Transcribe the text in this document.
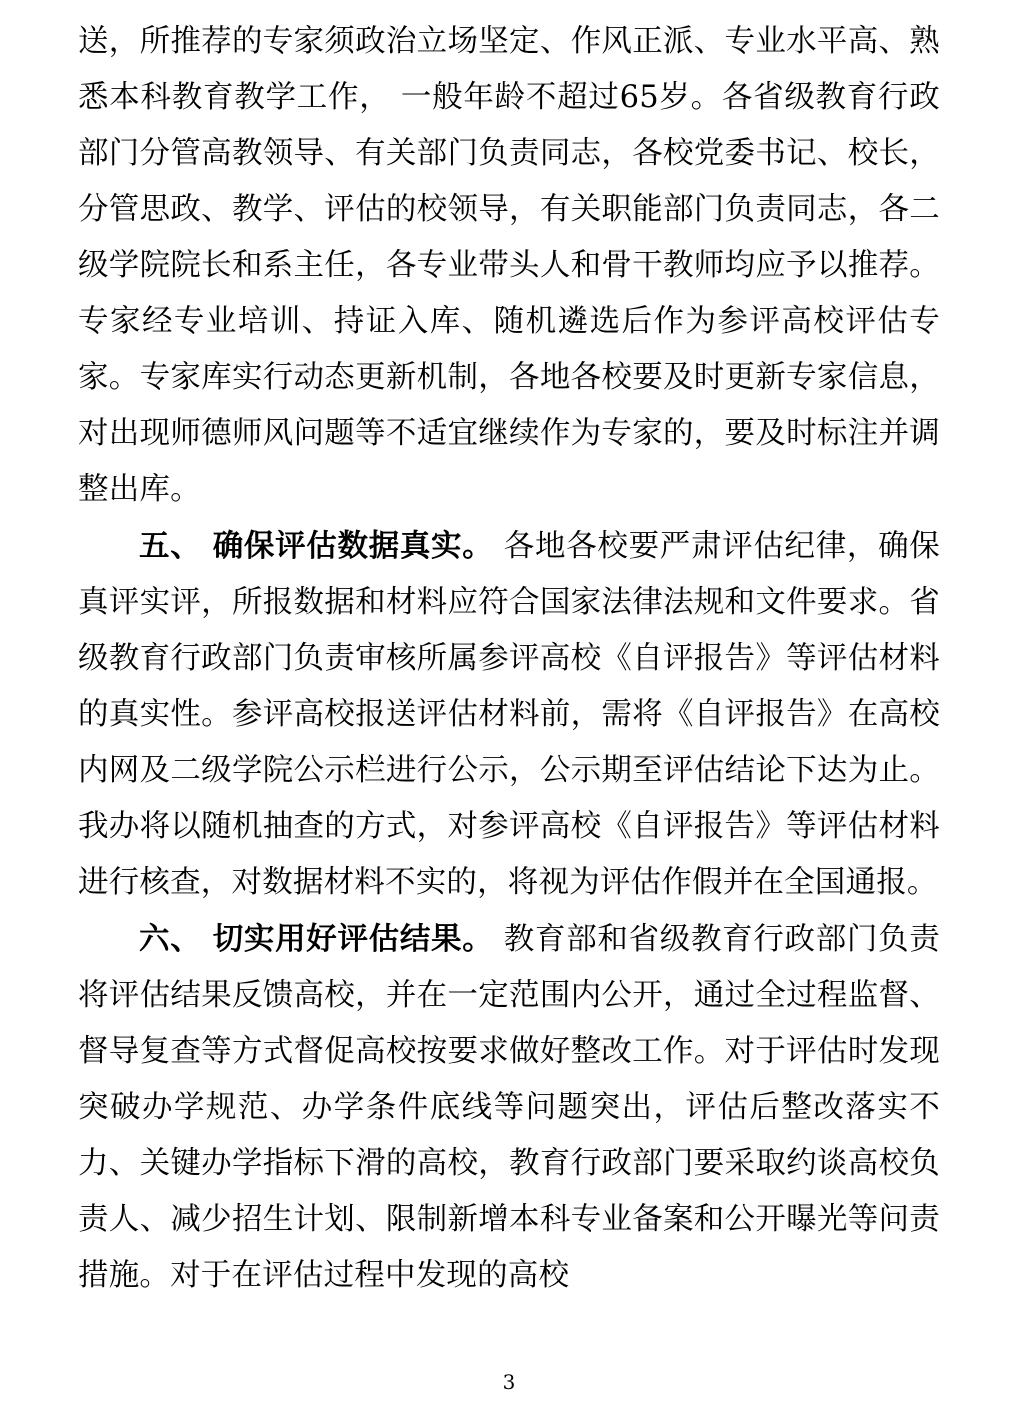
送，所推荐的专家须政治立场坚定、作风正派、专业水平高、熟悉本科教育教学工作， 一般年龄不超过65岁。各省级教育行政部门分管高教领导、有关部门负责同志，各校党委书记、校长，分管思政、教学、评估的校领导，有关职能部门负责同志，各二级学院院长和系主任，各专业带头人和骨干教师均应予以推荐。专家经专业培训、持证入库、随机遴选后作为参评高校评估专家。专家库实行动态更新机制，各地各校要及时更新专家信息，对出现师德师风问题等不适宜继续作为专家的，要及时标注并调整出库。

五、 确保评估数据真实。 各地各校要严肃评估纪律，确保真评实评，所报数据和材料应符合国家法律法规和文件要求。省级教育行政部门负责审核所属参评高校《自评报告》等评估材料的真实性。参评高校报送评估材料前，需将《自评报告》在高校内网及二级学院公示栏进行公示，公示期至评估结论下达为止。我办将以随机抽查的方式，对参评高校《自评报告》等评估材料进行核查，对数据材料不实的，将视为评估作假并在全国通报。

六、 切实用好评估结果。 教育部和省级教育行政部门负责将评估结果反馈高校，并在一定范围内公开，通过全过程监督、督导复查等方式督促高校按要求做好整改工作。对于评估时发现突破办学规范、办学条件底线等问题突出，评估后整改落实不力、关键办学指标下滑的高校，教育行政部门要采取约谈高校负责人、减少招生计划、限制新增本科专业备案和公开曝光等问责措施。对于在评估过程中发现的高校

3
